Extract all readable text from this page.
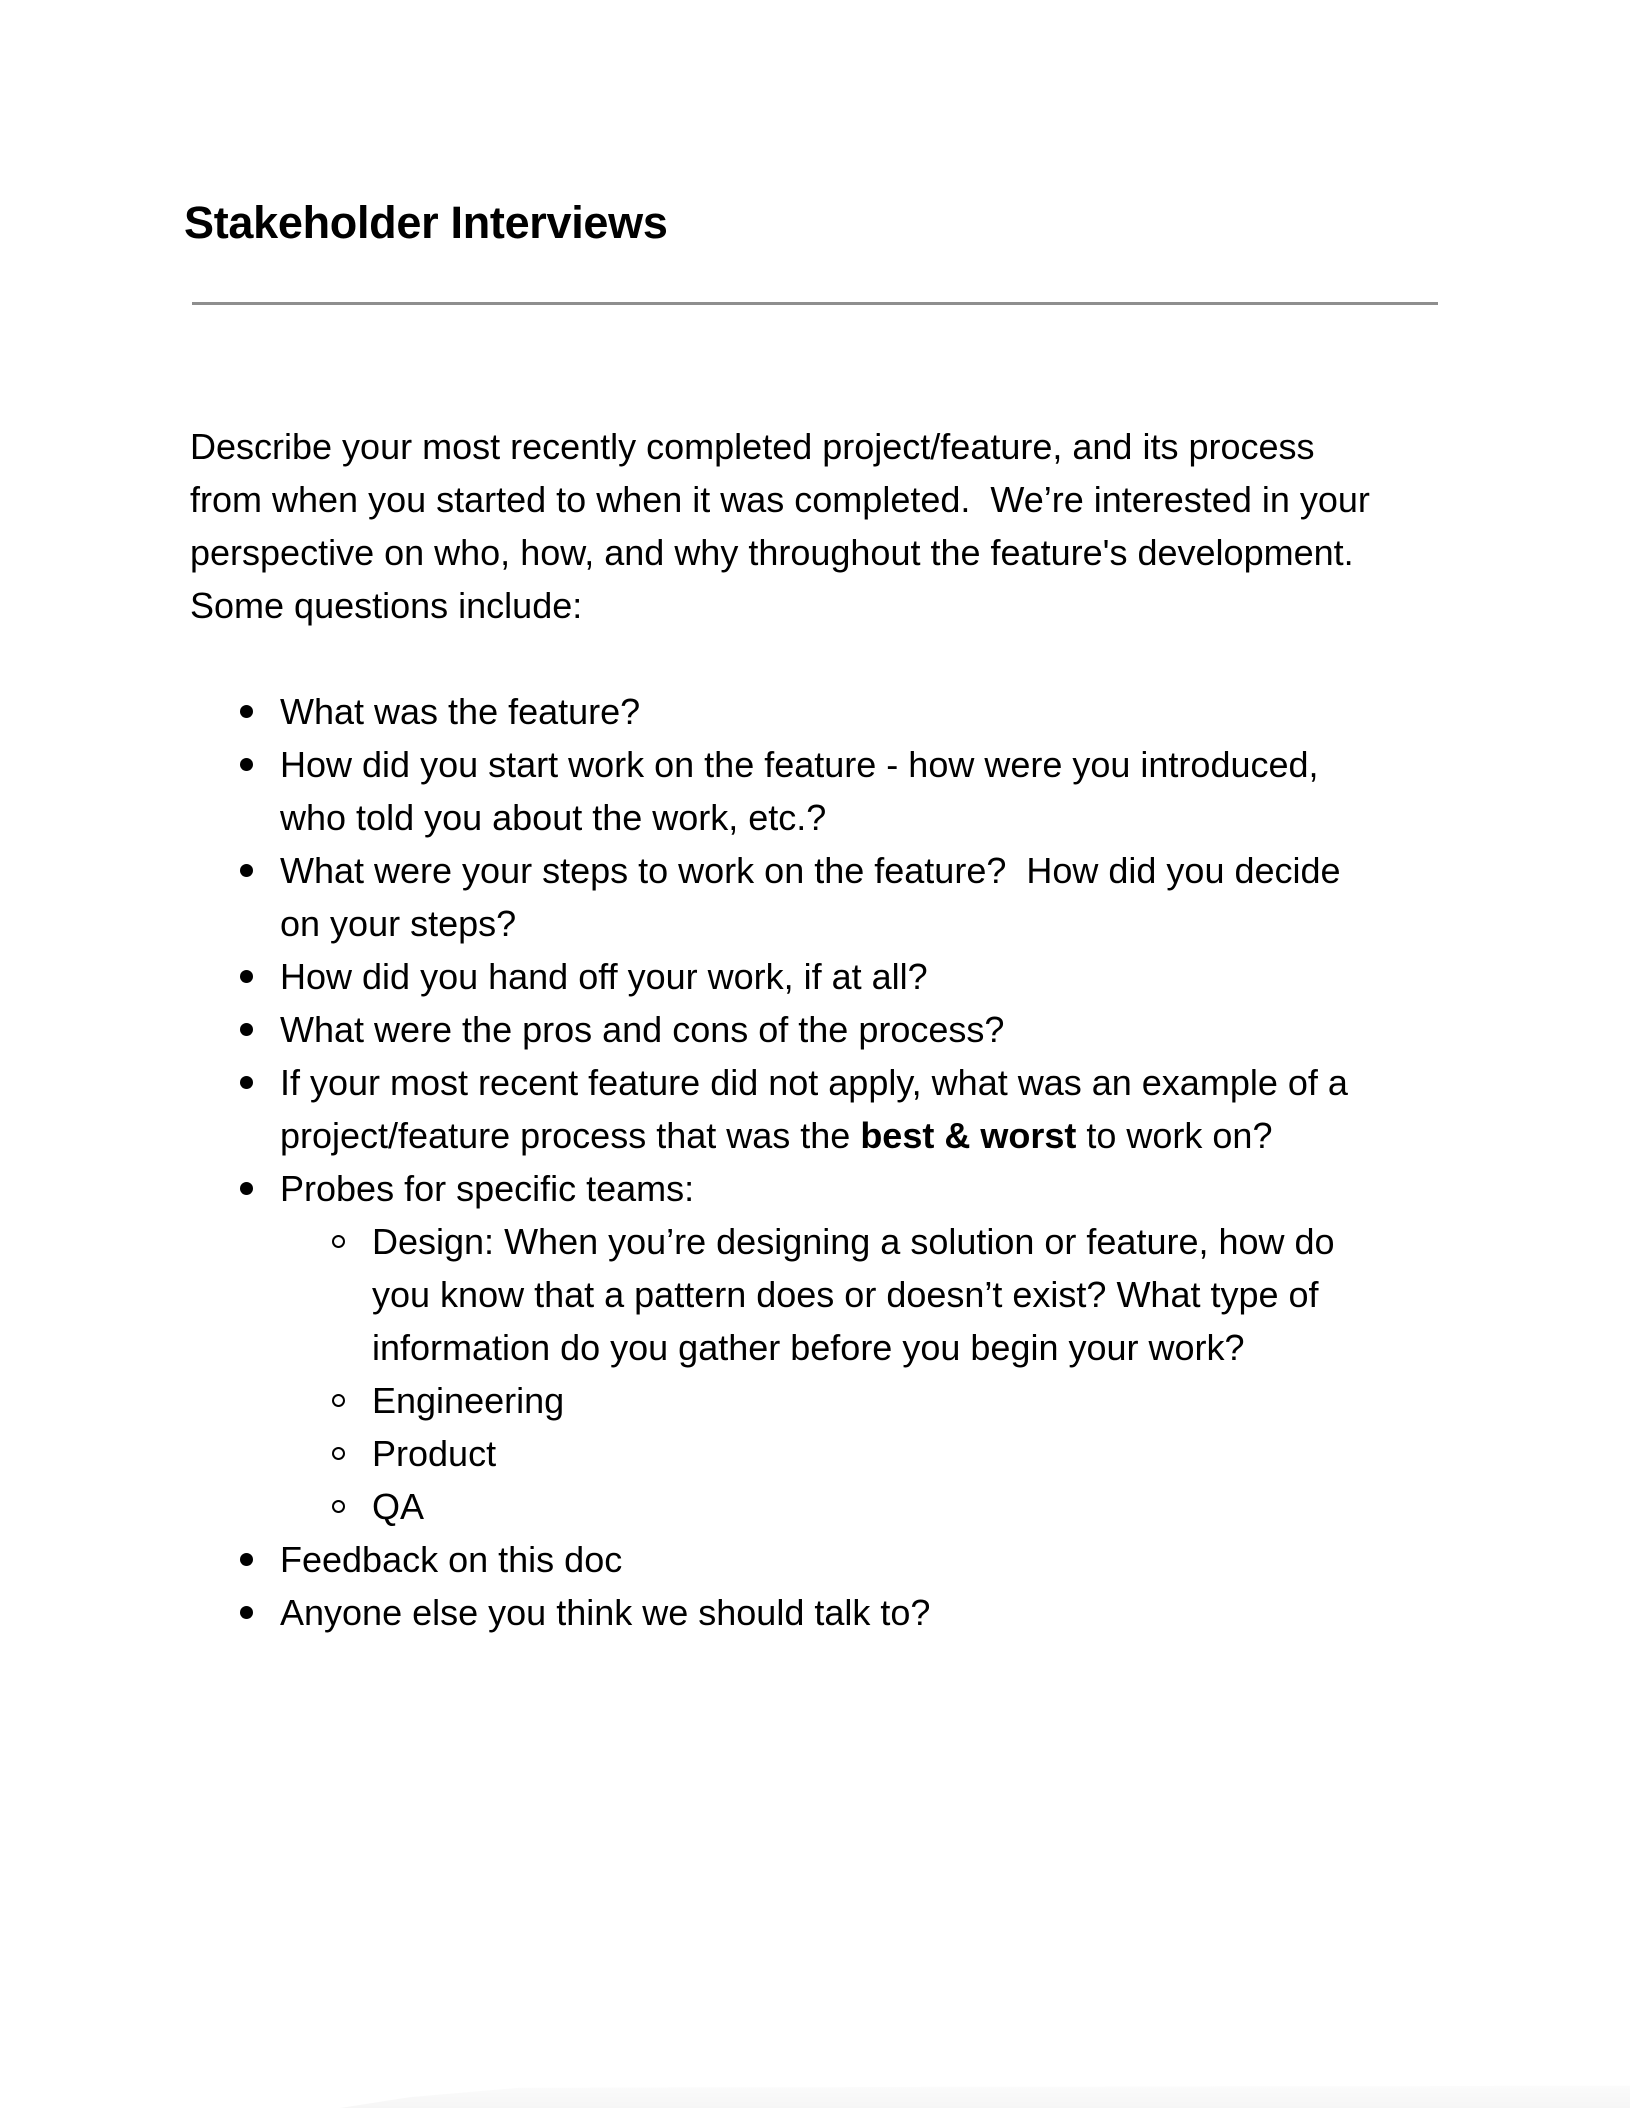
Stakeholder Interviews
Describe your most recently completed project/feature, and its process
from when you started to when it was completed.  We’re interested in your
perspective on who, how, and why throughout the feature's development.
Some questions include:
What was the feature?
How did you start work on the feature - how were you introduced,
who told you about the work, etc.?
What were your steps to work on the feature?  How did you decide
on your steps?
How did you hand off your work, if at all?
What were the pros and cons of the process?
If your most recent feature did not apply, what was an example of a
project/feature process that was the best & worst to work on?
Probes for specific teams:
Design: When you’re designing a solution or feature, how do
you know that a pattern does or doesn’t exist? What type of
information do you gather before you begin your work?
Engineering
Product
QA
Feedback on this doc
Anyone else you think we should talk to?
